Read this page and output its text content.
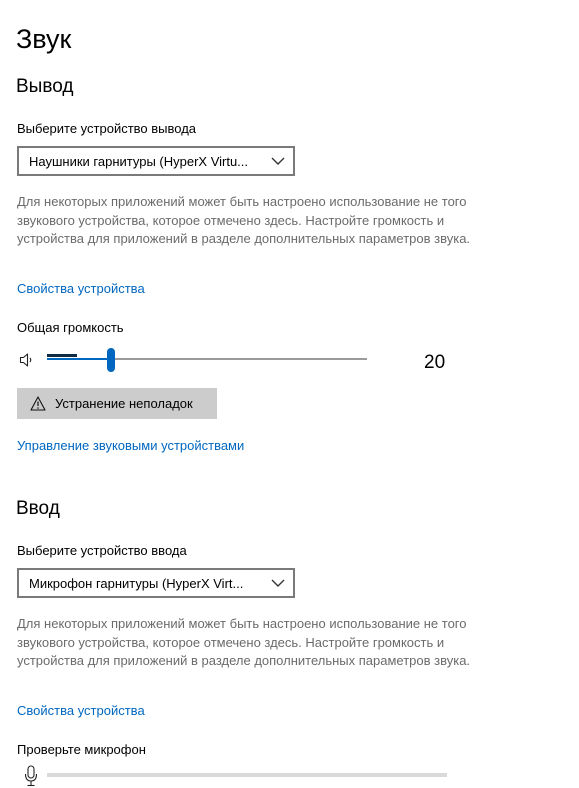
Звук
Вывод
Выберите устройство вывода
Наушники гарнитуры (HyperX Virtu...
Для некоторых приложений может быть настроено использование не того звукового устройства, которое отмечено здесь. Настройте громкость и устройства для приложений в разделе дополнительных параметров звука.
Свойства устройства
Общая громкость
20
Устранение неполадок
Управление звуковыми устройствами
Ввод
Выберите устройство ввода
Микрофон гарнитуры (HyperX Virt...
Для некоторых приложений может быть настроено использование не того звукового устройства, которое отмечено здесь. Настройте громкость и устройства для приложений в разделе дополнительных параметров звука.
Свойства устройства
Проверьте микрофон
